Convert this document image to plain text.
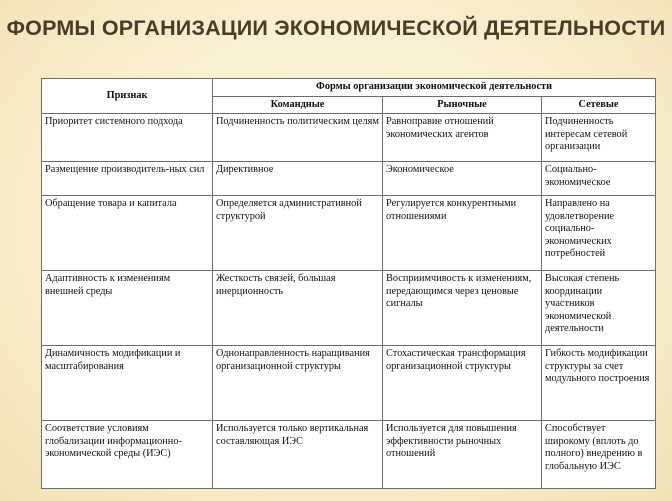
ФОРМЫ ОРГАНИЗАЦИИ ЭКОНОМИЧЕСКОЙ ДЕЯТЕЛЬНОСТИ
Признак	Формы организации экономической деятельности		
	Командные	Рыночные	Сетевые
Приоритет системного подхода	Подчиненность политическим целям	Равноправие отношений экономических агентов	Подчиненность интересам сетевой организации
Размещение производитель-ных сил	Директивное	Экономическое	Социально-экономическое
Обращение товара и капитала	Определяется административной структурой	Регулируется конкурентными отношениями	Направлено на удовлетворение социально-экономических потребностей
Адаптивность к изменениям внешней среды	Жесткость связей, большая инерционность	Восприимчивость к изменениям, передающимся через ценовые сигналы	Высокая степень координации участников экономической деятельности
Динамичность модификации и масштабирования	Однонаправленность наращивания организационной структуры	Стохастическая трансформация организационной структуры	Гибкость модификации структуры за счет модульного построения
Соответствие условиям глобализации информационно-экономической среды (ИЭС)	Используется только вертикальная составляющая ИЭС	Используется для повышения эффективности рыночных отношений	Способствует широкому (вплоть до полного) внедрению в глобальную ИЭС
